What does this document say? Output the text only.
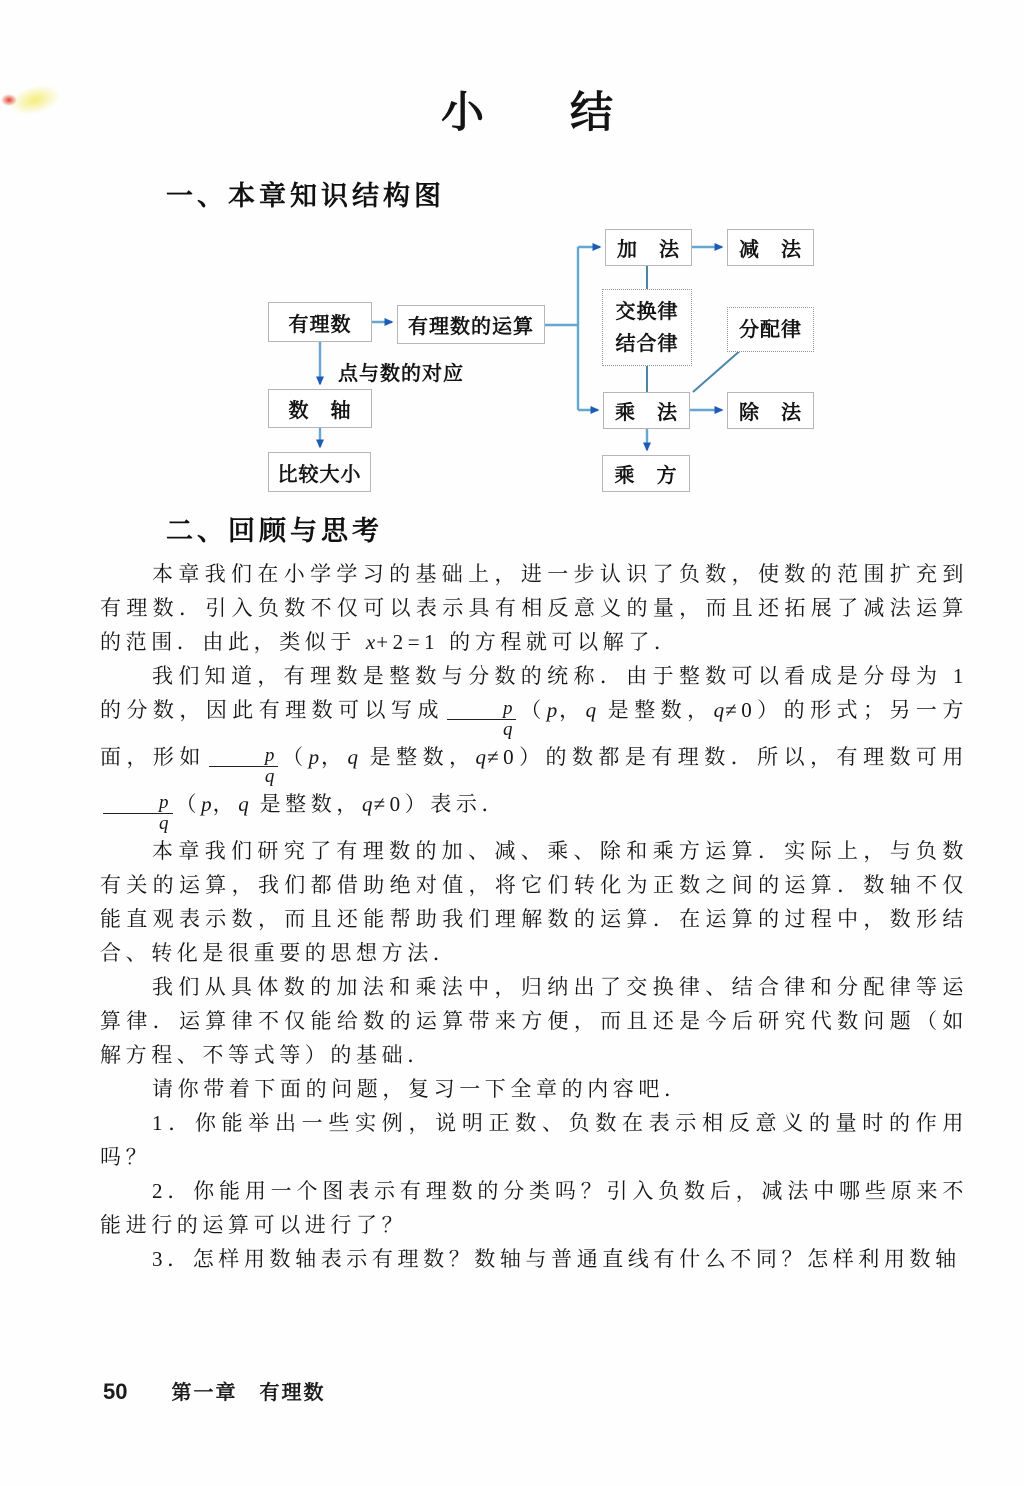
小　　结
一、本章知识结构图
有理数	有理数的运算
加　法	减　法
交换律
结合律
分配律
数　轴	乘　法	除　法
比较大小	乘　方
点与数的对应
二、回顾与思考

本章我们在小学学习的基础上，进一步认识了负数，使数的范围扩充到有理数．引入负数不仅可以表示具有相反意义的量，而且还拓展了减法运算的范围．由此，类似于 x+2=1 的方程就可以解了．

我们知道，有理数是整数与分数的统称．由于整数可以看成是分母为 1 的分数，因此有理数可以写成 $\frac{p}{q} (p$，q 是整数，q≠0）的形式；另一方面，形如 $\frac{p}{q} (p$，q 是整数，q≠0）的数都是有理数．所以，有理数可用
$\frac{p}{q} (p$，q 是整数，q≠0）表示．

本章我们研究了有理数的加、减、乘、除和乘方运算．实际上，与负数有关的运算，我们都借助绝对值，将它们转化为正数之间的运算．数轴不仅能直观表示数，而且还能帮助我们理解数的运算．在运算的过程中，数形结合、转化是很重要的思想方法．

我们从具体数的加法和乘法中，归纳出了交换律、结合律和分配律等运算律．运算律不仅能给数的运算带来方便，而且还是今后研究代数问题（如解方程、不等式等）的基础．

请你带着下面的问题，复习一下全章的内容吧．

1．你能举出一些实例，说明正数、负数在表示相反意义的量时的作用吗？

2．你能用一个图表示有理数的分类吗？引入负数后，减法中哪些原来不能进行的运算可以进行了？

3．怎样用数轴表示有理数？数轴与普通直线有什么不同？怎样利用数轴

50 第一章　有理数
